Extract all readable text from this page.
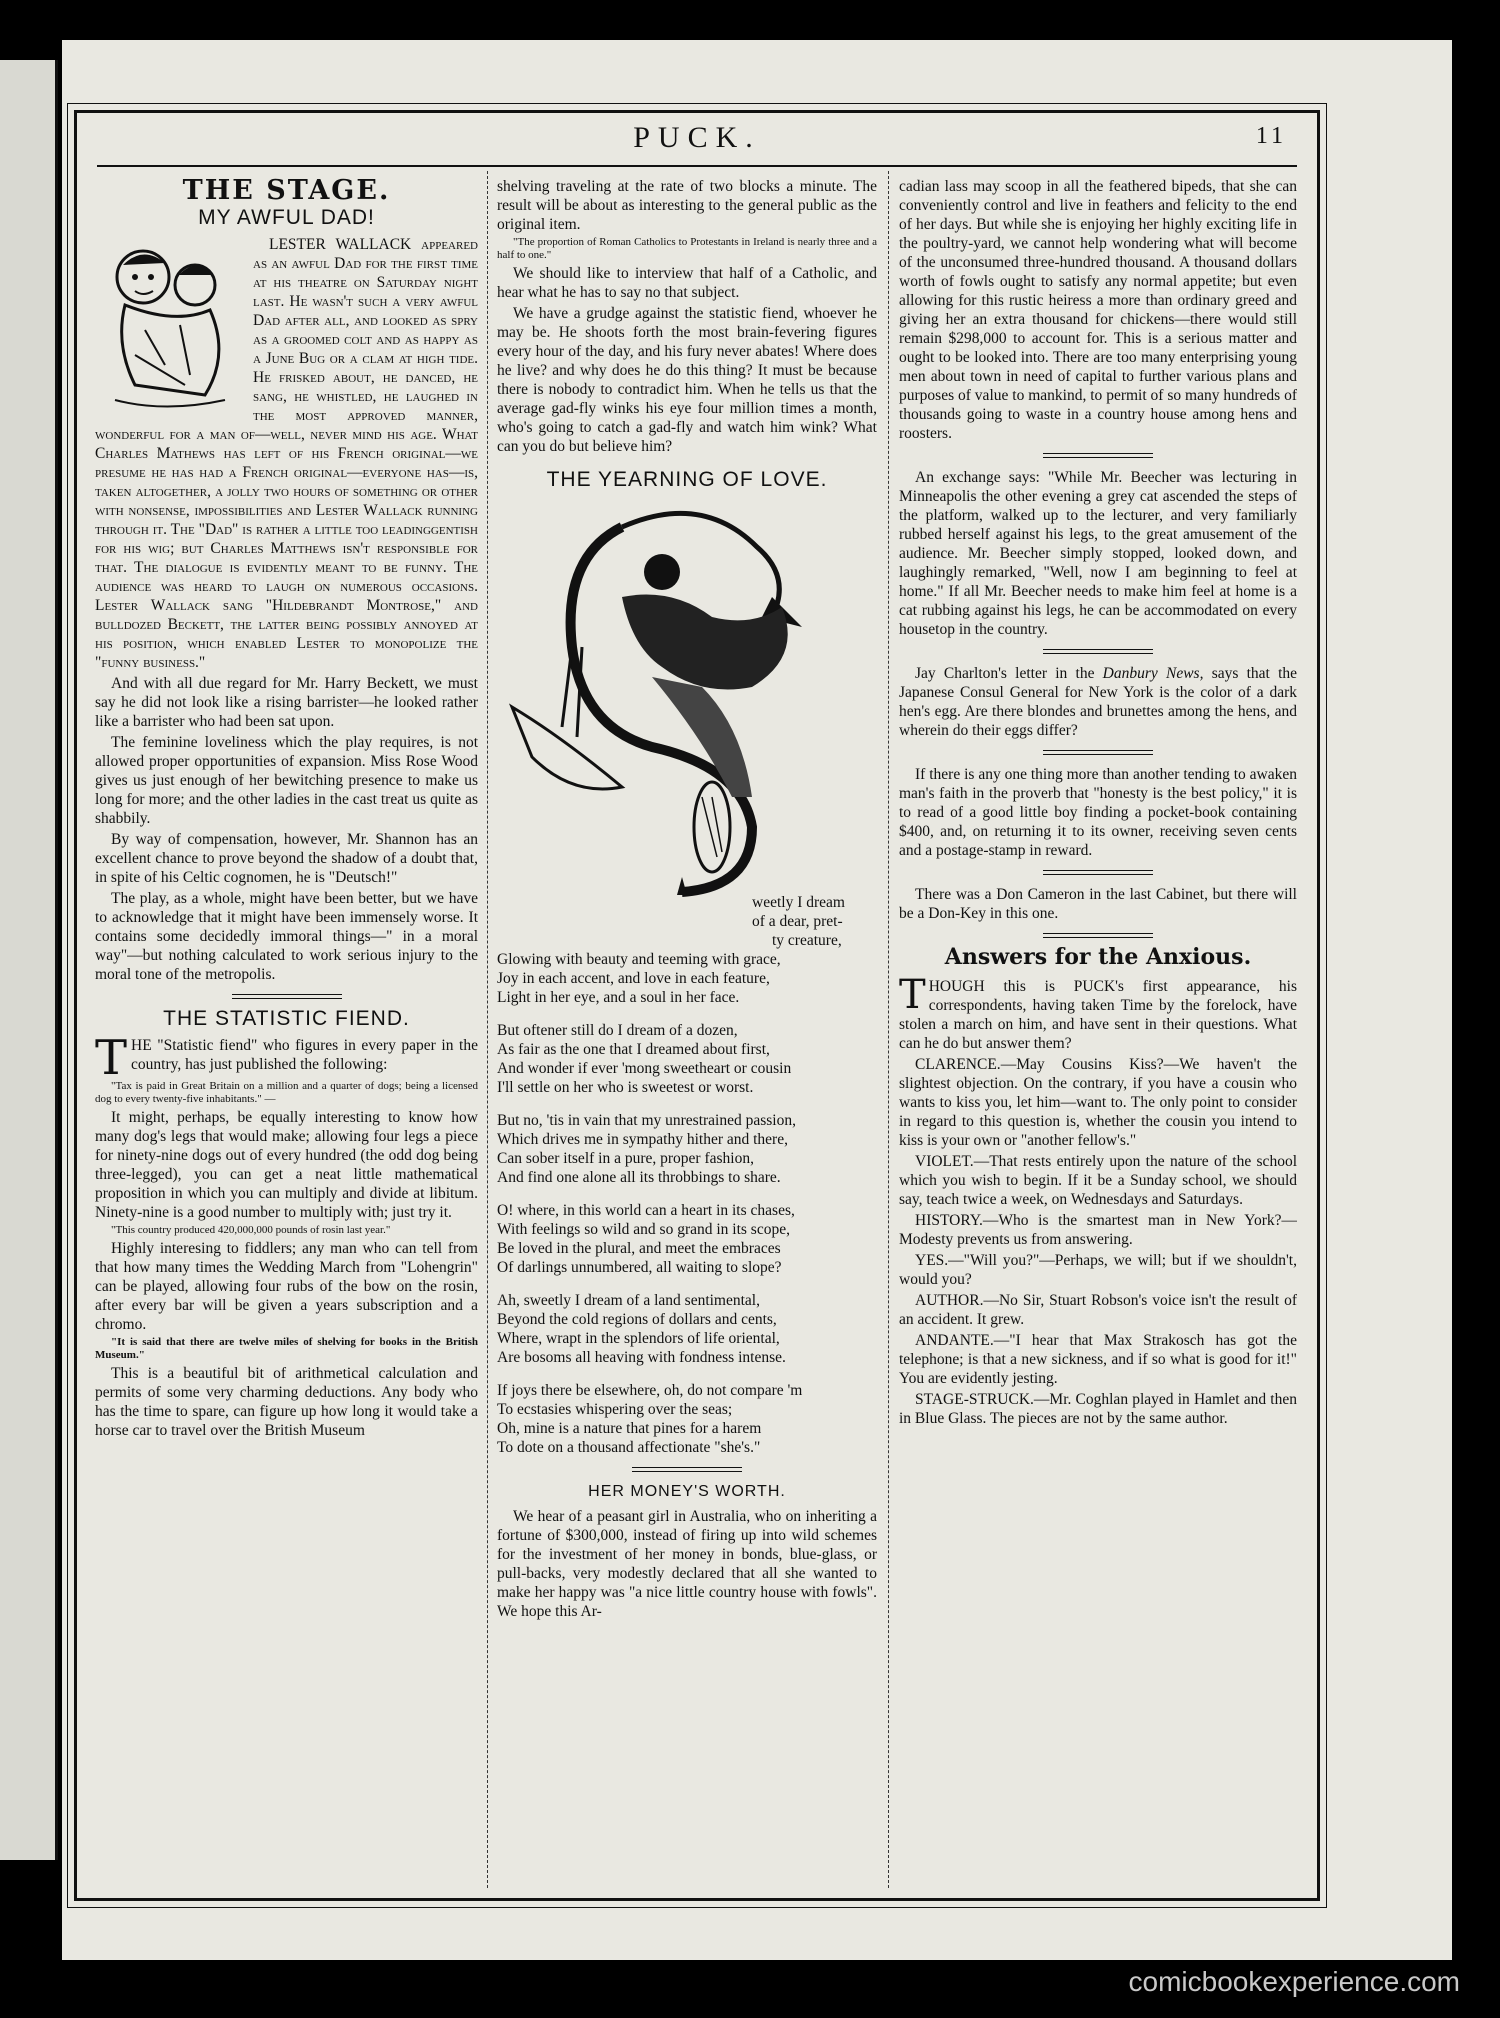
PUCK.	11
THE STAGE.
MY AWFUL DAD!

LESTER WALLACK appeared as an awful Dad for the first time at his theatre on Saturday night last. He wasn't such a very awful Dad after all, and looked as spry as a groomed colt and as happy as a June Bug or a clam at high tide. He frisked about, he danced, he sang, he whistled, he laughed in the most approved manner, wonderful for a man of—well, never mind his age. What Charles Mathews has left of his French original—we presume he has had a French original—everyone has—is, taken altogether, a jolly two hours of something or other with nonsense, impossibilities and Lester Wallack running through it. The "Dad" is rather a little too leadinggentish for his wig; but Charles Matthews isn't responsible for that. The dialogue is evidently meant to be funny. The audience was heard to laugh on numerous occasions. Lester Wallack sang "Hildebrandt Montrose," and bulldozed Beckett, the latter being possibly annoyed at his position, which enabled Lester to monopolize the "funny business."

And with all due regard for Mr. Harry Beckett, we must say he did not look like a rising barrister—he looked rather like a barrister who had been sat upon.

The feminine loveliness which the play requires, is not allowed proper opportunities of expansion. Miss Rose Wood gives us just enough of her bewitching presence to make us long for more; and the other ladies in the cast treat us quite as shabbily.

By way of compensation, however, Mr. Shannon has an excellent chance to prove beyond the shadow of a doubt that, in spite of his Celtic cognomen, he is "Deutsch!"

The play, as a whole, might have been better, but we have to acknowledge that it might have been immensely worse. It contains some decidedly immoral things—" in a moral way"—but nothing calculated to work serious injury to the moral tone of the metropolis.

THE STATISTIC FIEND.

THE "Statistic fiend" who figures in every paper in the country, has just published the following:

"Tax is paid in Great Britain on a million and a quarter of dogs; being a licensed dog to every twenty-five inhabitants." —

It might, perhaps, be equally interesting to know how many dog's legs that would make; allowing four legs a piece for ninety-nine dogs out of every hundred (the odd dog being three-legged), you can get a neat little mathematical proposition in which you can multiply and divide at libitum. Ninety-nine is a good number to multiply with; just try it.

"This country produced 420,000,000 pounds of rosin last year."

Highly interesing to fiddlers; any man who can tell from that how many times the Wedding March from "Lohengrin" can be played, allowing four rubs of the bow on the rosin, after every bar will be given a years subscription and a chromo.

"It is said that there are twelve miles of shelving for books in the British Museum."

This is a beautiful bit of arithmetical calculation and permits of some very charming deductions. Any body who has the time to spare, can figure up how long it would take a horse car to travel over the British Museum

shelving traveling at the rate of two blocks a minute. The result will be about as interesting to the general public as the original item.

"The proportion of Roman Catholics to Protestants in Ireland is nearly three and a half to one."

We should like to interview that half of a Catholic, and hear what he has to say no that subject.

We have a grudge against the statistic fiend, whoever he may be. He shoots forth the most brain-fevering figures every hour of the day, and his fury never abates! Where does he live? and why does he do this thing? It must be because there is nobody to contradict him. When he tells us that the average gad-fly winks his eye four million times a month, who's going to catch a gad-fly and watch him wink? What can you do but believe him?

THE YEARNING OF LOVE.
weetly I dream
of a dear, pret-
ty creature,
Glowing with beauty and teeming with grace,
Joy in each accent, and love in each feature,
Light in her eye, and a soul in her face.
But oftener still do I dream of a dozen,
As fair as the one that I dreamed about first,
And wonder if ever 'mong sweetheart or cousin
I'll settle on her who is sweetest or worst.
But no, 'tis in vain that my unrestrained passion,
Which drives me in sympathy hither and there,
Can sober itself in a pure, proper fashion,
And find one alone all its throbbings to share.
O! where, in this world can a heart in its chases,
With feelings so wild and so grand in its scope,
Be loved in the plural, and meet the embraces
Of darlings unnumbered, all waiting to slope?
Ah, sweetly I dream of a land sentimental,
Beyond the cold regions of dollars and cents,
Where, wrapt in the splendors of life oriental,
Are bosoms all heaving with fondness intense.
If joys there be elsewhere, oh, do not compare 'm
To ecstasies whispering over the seas;
Oh, mine is a nature that pines for a harem
To dote on a thousand affectionate "she's."
HER MONEY'S WORTH.

We hear of a peasant girl in Australia, who on inheriting a fortune of $300,000, instead of firing up into wild schemes for the investment of her money in bonds, blue-glass, or pull-backs, very modestly declared that all she wanted to make her happy was "a nice little country house with fowls". We hope this Ar-

cadian lass may scoop in all the feathered bipeds, that she can conveniently control and live in feathers and felicity to the end of her days. But while she is enjoying her highly exciting life in the poultry-yard, we cannot help wondering what will become of the unconsumed three-hundred thousand. A thousand dollars worth of fowls ought to satisfy any normal appetite; but even allowing for this rustic heiress a more than ordinary greed and giving her an extra thousand for chickens—there would still remain $298,000 to account for. This is a serious matter and ought to be looked into. There are too many enterprising young men about town in need of capital to further various plans and purposes of value to mankind, to permit of so many hundreds of thousands going to waste in a country house among hens and roosters.

An exchange says: "While Mr. Beecher was lecturing in Minneapolis the other evening a grey cat ascended the steps of the platform, walked up to the lecturer, and very familiarly rubbed herself against his legs, to the great amusement of the audience. Mr. Beecher simply stopped, looked down, and laughingly remarked, "Well, now I am beginning to feel at home." If all Mr. Beecher needs to make him feel at home is a cat rubbing against his legs, he can be accommodated on every housetop in the country.

Jay Charlton's letter in the Danbury News, says that the Japanese Consul General for New York is the color of a dark hen's egg. Are there blondes and brunettes among the hens, and wherein do their eggs differ?

If there is any one thing more than another tending to awaken man's faith in the proverb that "honesty is the best policy," it is to read of a good little boy finding a pocket-book containing $400, and, on returning it to its owner, receiving seven cents and a postage-stamp in reward.

There was a Don Cameron in the last Cabinet, but there will be a Don-Key in this one.

Answers for the Anxious.

THOUGH this is PUCK's first appearance, his correspondents, having taken Time by the forelock, have stolen a march on him, and have sent in their questions. What can he do but answer them?

CLARENCE.—May Cousins Kiss?—We haven't the slightest objection. On the contrary, if you have a cousin who wants to kiss you, let him—want to. The only point to consider in regard to this question is, whether the cousin you intend to kiss is your own or "another fellow's."

VIOLET.—That rests entirely upon the nature of the school which you wish to begin. If it be a Sunday school, we should say, teach twice a week, on Wednesdays and Saturdays.

HISTORY.—Who is the smartest man in New York?—Modesty prevents us from answering.

YES.—"Will you?"—Perhaps, we will; but if we shouldn't, would you?

AUTHOR.—No Sir, Stuart Robson's voice isn't the result of an accident. It grew.

ANDANTE.—"I hear that Max Strakosch has got the telephone; is that a new sickness, and if so what is good for it!" You are evidently jesting.

STAGE-STRUCK.—Mr. Coghlan played in Hamlet and then in Blue Glass. The pieces are not by the same author.

comicbookexperience.com
